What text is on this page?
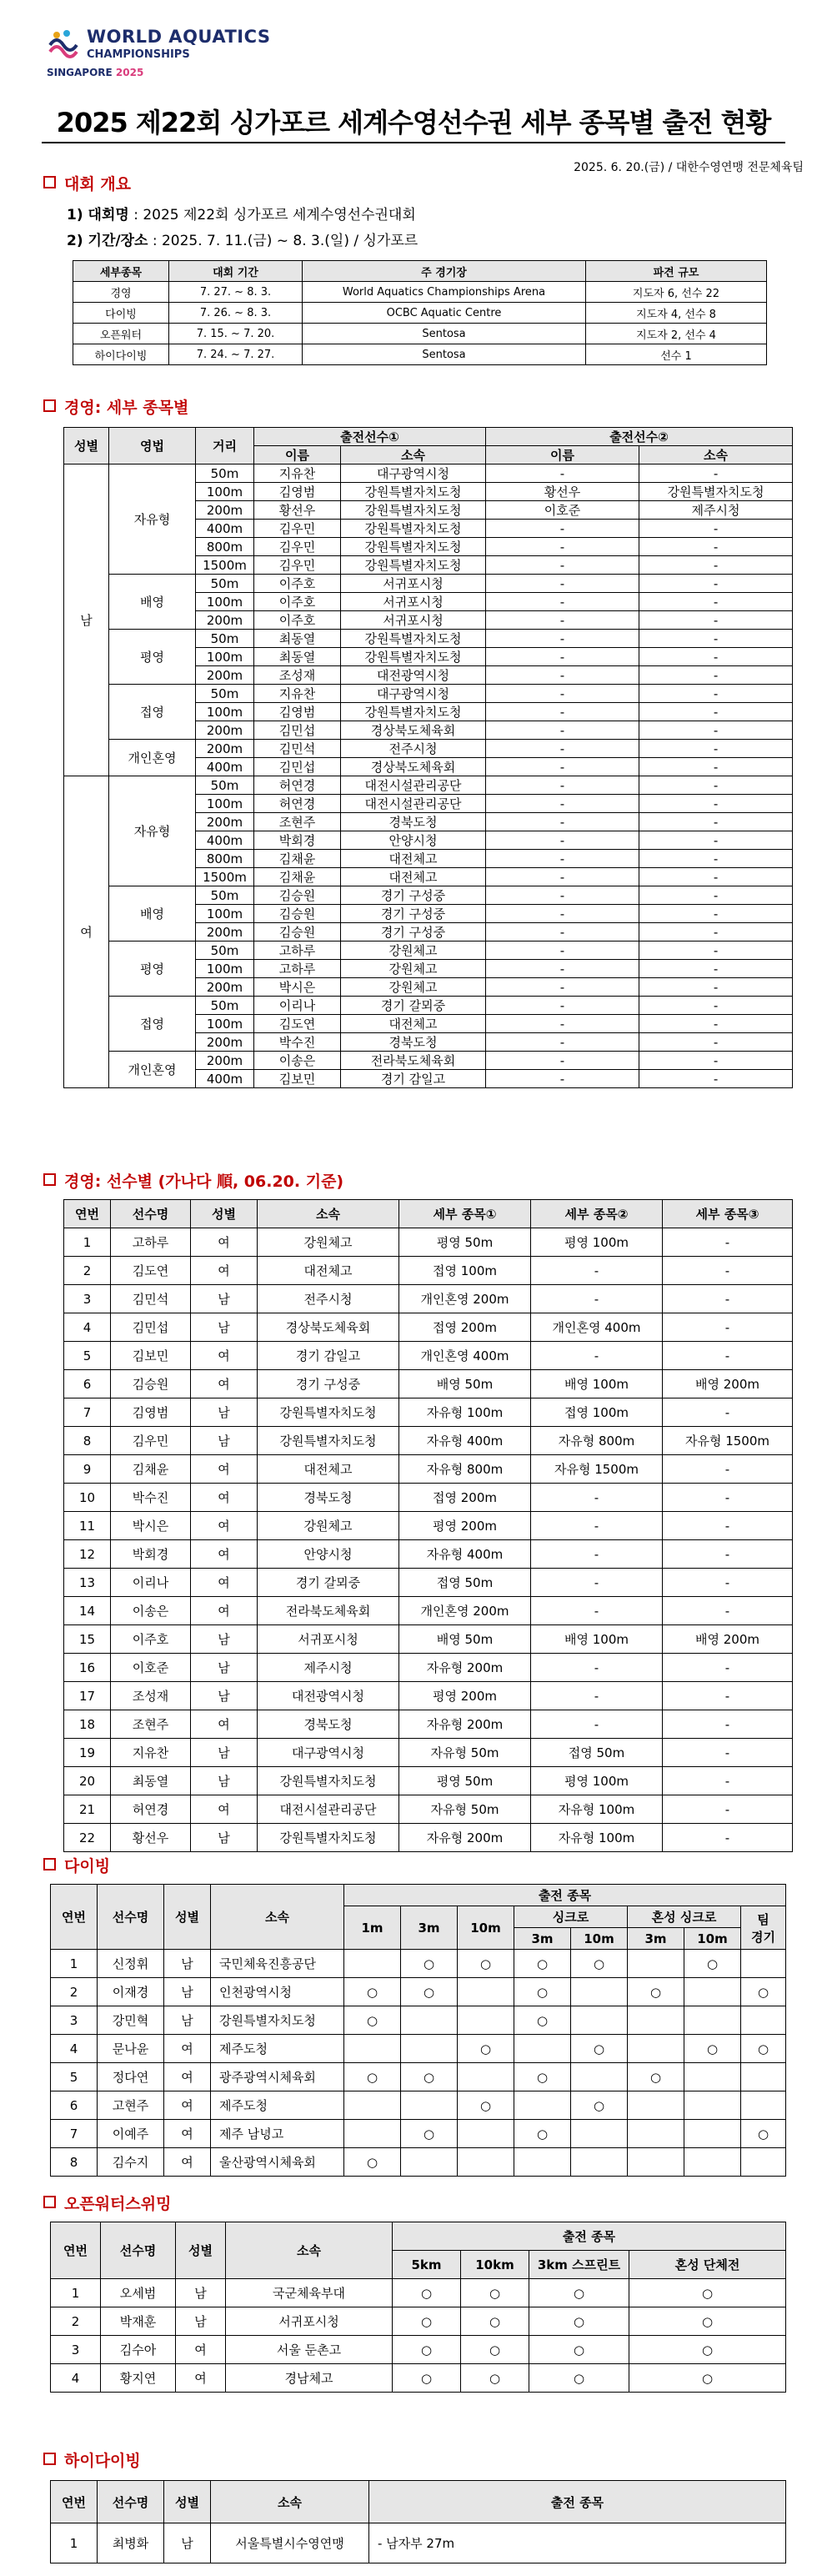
WORLD AQUATICS
CHAMPIONSHIPS
SINGAPORE 2025
2025 제22회 싱가포르 세계수영선수권 세부 종목별 출전 현황
2025. 6. 20.(금) / 대한수영연맹 전문체육팀
대회 개요
1) 대회명 : 2025 제22회 싱가포르 세계수영선수권대회
2) 기간/장소 : 2025. 7. 11.(금) ~ 8. 3.(일) / 싱가포르
세부종목	대회 기간	주 경기장	파견 규모
경영	7. 27. ~ 8. 3.	World Aquatics Championships Arena	지도자 6, 선수 22
다이빙	7. 26. ~ 8. 3.	OCBC Aquatic Centre	지도자 4, 선수 8
오픈워터	7. 15. ~ 7. 20.	Sentosa	지도자 2, 선수 4
하이다이빙	7. 24. ~ 7. 27.	Sentosa	선수 1
경영: 세부 종목별
성별	영법	거리	출전선수①		출전선수②	
			이름	소속	이름	소속
남	자유형	50m	지유찬	대구광역시청	-	-
		100m	김영범	강원특별자치도청	황선우	강원특별자치도청
		200m	황선우	강원특별자치도청	이호준	제주시청
		400m	김우민	강원특별자치도청	-	-
		800m	김우민	강원특별자치도청	-	-
		1500m	김우민	강원특별자치도청	-	-
	배영	50m	이주호	서귀포시청	-	-
		100m	이주호	서귀포시청	-	-
		200m	이주호	서귀포시청	-	-
	평영	50m	최동열	강원특별자치도청	-	-
		100m	최동열	강원특별자치도청	-	-
		200m	조성재	대전광역시청	-	-
	접영	50m	지유찬	대구광역시청	-	-
		100m	김영범	강원특별자치도청	-	-
		200m	김민섭	경상북도체육회	-	-
	개인혼영	200m	김민석	전주시청	-	-
		400m	김민섭	경상북도체육회	-	-
여	자유형	50m	허연경	대전시설관리공단	-	-
		100m	허연경	대전시설관리공단	-	-
		200m	조현주	경북도청	-	-
		400m	박회경	안양시청	-	-
		800m	김채윤	대전체고	-	-
		1500m	김채윤	대전체고	-	-
	배영	50m	김승원	경기 구성중	-	-
		100m	김승원	경기 구성중	-	-
		200m	김승원	경기 구성중	-	-
	평영	50m	고하루	강원체고	-	-
		100m	고하루	강원체고	-	-
		200m	박시은	강원체고	-	-
	접영	50m	이리나	경기 갈뫼중	-	-
		100m	김도연	대전체고	-	-
		200m	박수진	경북도청	-	-
	개인혼영	200m	이송은	전라북도체육회	-	-
		400m	김보민	경기 감일고	-	-
경영: 선수별 (가나다 順, 06.20. 기준)
연번	선수명	성별	소속	세부 종목①	세부 종목②	세부 종목③
1	고하루	여	강원체고	평영 50m	평영 100m	-
2	김도연	여	대전체고	접영 100m	-	-
3	김민석	남	전주시청	개인혼영 200m	-	-
4	김민섭	남	경상북도체육회	접영 200m	개인혼영 400m	-
5	김보민	여	경기 감일고	개인혼영 400m	-	-
6	김승원	여	경기 구성중	배영 50m	배영 100m	배영 200m
7	김영범	남	강원특별자치도청	자유형 100m	접영 100m	-
8	김우민	남	강원특별자치도청	자유형 400m	자유형 800m	자유형 1500m
9	김채윤	여	대전체고	자유형 800m	자유형 1500m	-
10	박수진	여	경북도청	접영 200m	-	-
11	박시은	여	강원체고	평영 200m	-	-
12	박회경	여	안양시청	자유형 400m	-	-
13	이리나	여	경기 갈뫼중	접영 50m	-	-
14	이송은	여	전라북도체육회	개인혼영 200m	-	-
15	이주호	남	서귀포시청	배영 50m	배영 100m	배영 200m
16	이호준	남	제주시청	자유형 200m	-	-
17	조성재	남	대전광역시청	평영 200m	-	-
18	조현주	여	경북도청	자유형 200m	-	-
19	지유찬	남	대구광역시청	자유형 50m	접영 50m	-
20	최동열	남	강원특별자치도청	평영 50m	평영 100m	-
21	허연경	여	대전시설관리공단	자유형 50m	자유형 100m	-
22	황선우	남	강원특별자치도청	자유형 200m	자유형 100m	-
다이빙
연번	선수명	성별	소속	출전 종목							
				1m	3m	10m	싱크로		혼성 싱크로		팀
경기
							3m	10m	3m	10m	
1	신정휘	남	국민체육진흥공단		○	○	○	○		○	
2	이재경	남	인천광역시청	○	○		○		○		○
3	강민혁	남	강원특별자치도청	○			○				
4	문나윤	여	제주도청			○		○		○	○
5	정다연	여	광주광역시체육회	○	○		○		○		
6	고현주	여	제주도청			○		○			
7	이예주	여	제주 남녕고		○		○				○
8	김수지	여	울산광역시체육회	○							
오픈워터스위밍
연번	선수명	성별	소속	출전 종목			
				5km	10km	3km 스프린트	혼성 단체전
1	오세범	남	국군체육부대	○	○	○	○
2	박재훈	남	서귀포시청	○	○	○	○
3	김수아	여	서울 둔촌고	○	○	○	○
4	황지연	여	경남체고	○	○	○	○
하이다이빙
연번	선수명	성별	소속	출전 종목
1	최병화	남	서울특별시수영연맹	- 남자부 27m
